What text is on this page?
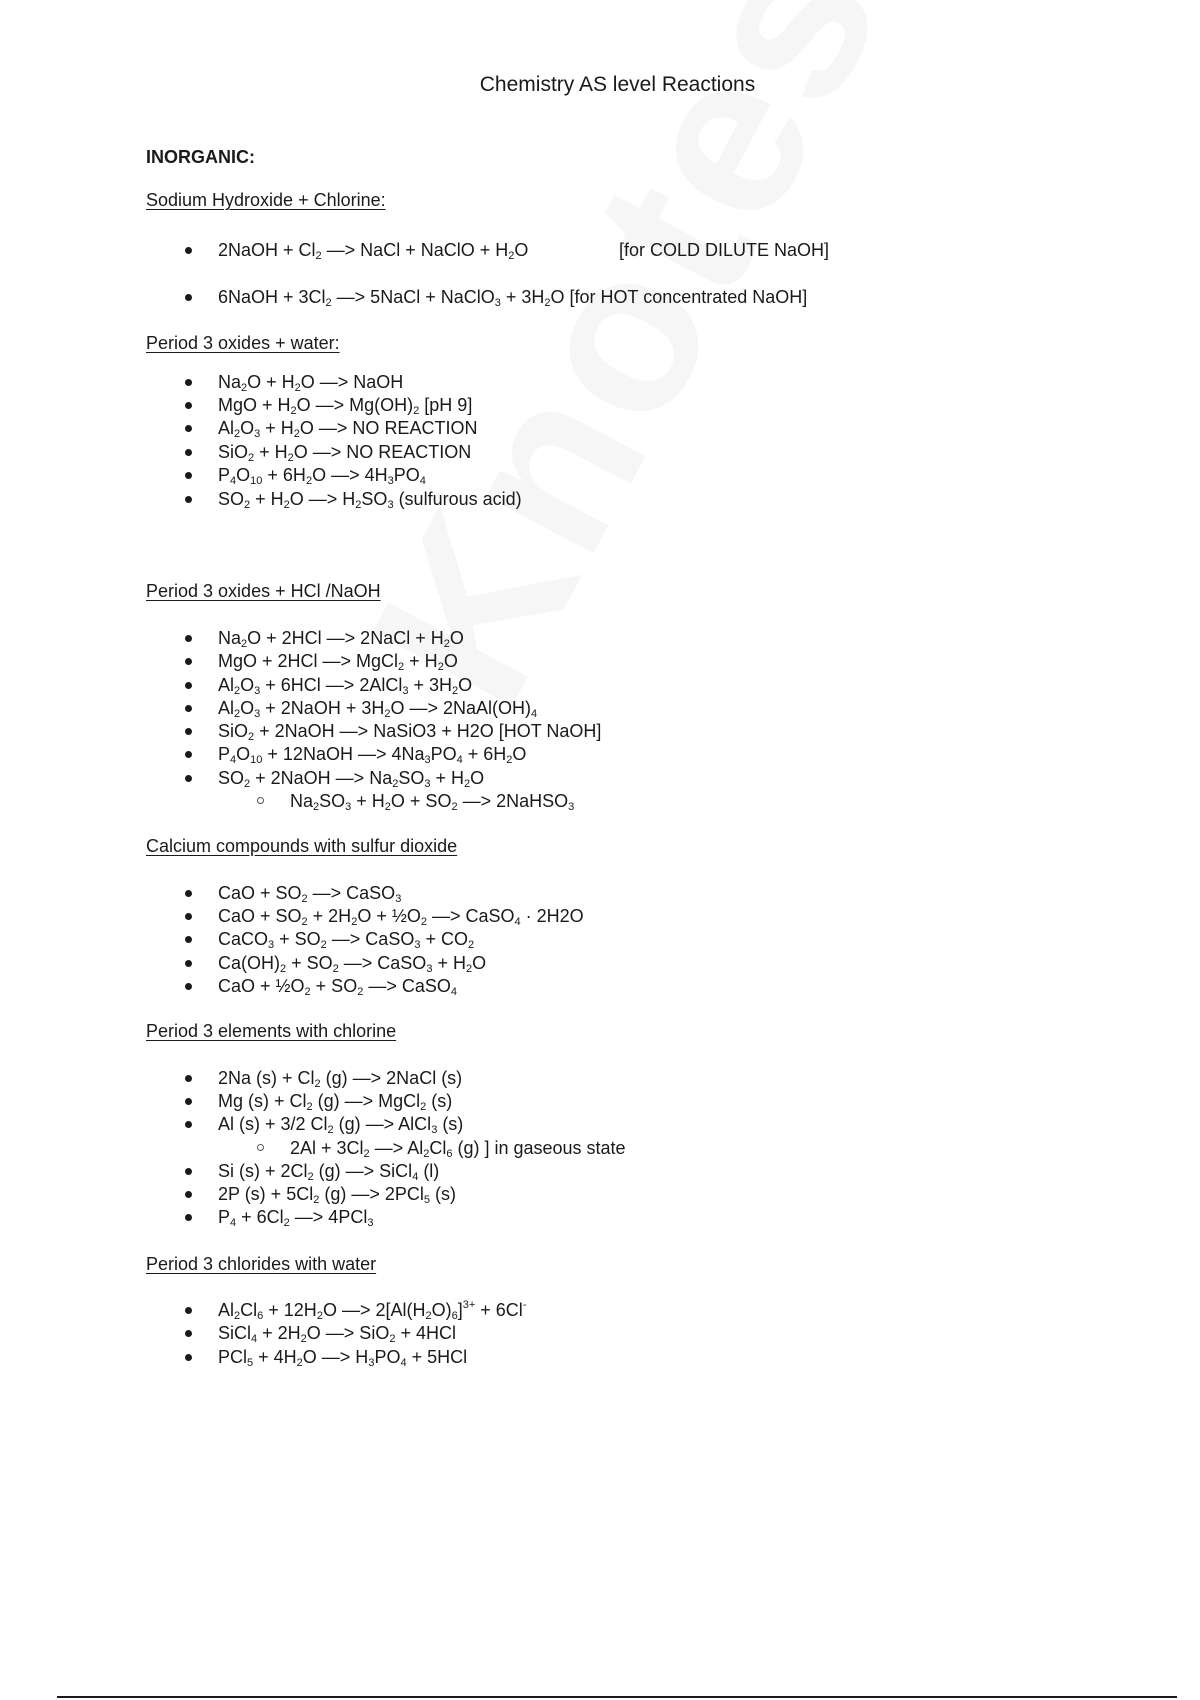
Chemistry AS level Reactions
INORGANIC:
Sodium Hydroxide + Chlorine:
2NaOH + $Cl_2$ —> NaCl + NaClO + $H_2O$	[for COLD DILUTE NaOH]
6NaOH + $3Cl_2$ —> 5NaCl + NaClO$_3$ + $3H_2O$ [for HOT concentrated NaOH]
Period 3 oxides + water:
$Na_2O + H_2O$ —> NaOH
MgO + $H_2O$ —> $Mg(OH)_2$ [pH 9]
$Al_2O_3 + H_2O$ —> NO REACTION
$SiO_2 + H_2O$ —> NO REACTION
$P_4O_{10} + 6H_2O$ —> $4H_3PO_4$
$SO_2 + H_2O$ —> $H_2SO_3$ (sulfurous acid)
Period 3 oxides + HCl /NaOH
$Na_2O + 2HCl$ —> 2NaCl + $H_2O$
MgO + 2HCl —> MgCl$_2$ + $H_2O$
$Al_2O_3 + 6HCl$ —> 2AlCl$_3$ + $3H_2O$
$Al_2O_3$ + 2NaOH + $3H_2O$ —> $2NaAl(OH)_4$
SiO$_2$ + 2NaOH —> NaSiO3 + H2O [HOT NaOH]
$P_4O_{10}$ + 12NaOH —> $4Na_3PO_4 + 6H_2O$
$SO_2$ + 2NaOH —> $Na_2SO_3 + H_2O$
$Na_2SO_3 + H_2O + SO_2$ —> 2NaHSO$_3$
Calcium compounds with sulfur dioxide
CaO + $SO_2$ —> CaSO$_3$
CaO + $SO_2 + 2H_2O$ + $\frac{1}{2}O_2$ —> CaSO$_4$ · 2H2O
CaCO$_3$ + $SO_2$ —> CaSO$_3$ + $CO_2$
$Ca(OH)_2 + SO_2$ —> CaSO$_3$ + $H_2O$
CaO + $\frac{1}{2}O_2 + SO_2$ —> CaSO$_4$
Period 3 elements with chlorine
2Na $(s) + Cl_2$ (g) —> 2NaCl (s)
Mg $(s) + Cl_2$ (g) —> MgCl$_2$ (s)
Al (s) + 3/2 $Cl_2$ (g) —> AlCl$_3$ (s)
$2Al + 3Cl_2$ —> $Al_2Cl_6$ (g) ] in gaseous state
Si $(s) + 2Cl_2$ (g) —> SiCl$_4$ (l)
2P $(s) + 5Cl_2$ (g) —> 2PCl$_5$ (s)
$P_4 + 6Cl_2$ —> 4PCl$_3$
Period 3 chlorides with water
$Al_2Cl_6 + 12H_2O$ —> $2[Al(H_2O)_6]^{3+} + 6Cl^-$
SiCl$_4$ + $2H_2O$ —> SiO$_2$ + 4HCl
$PCl_5 + 4H_2O$ —> $H_3PO_4 + 5HCl$
